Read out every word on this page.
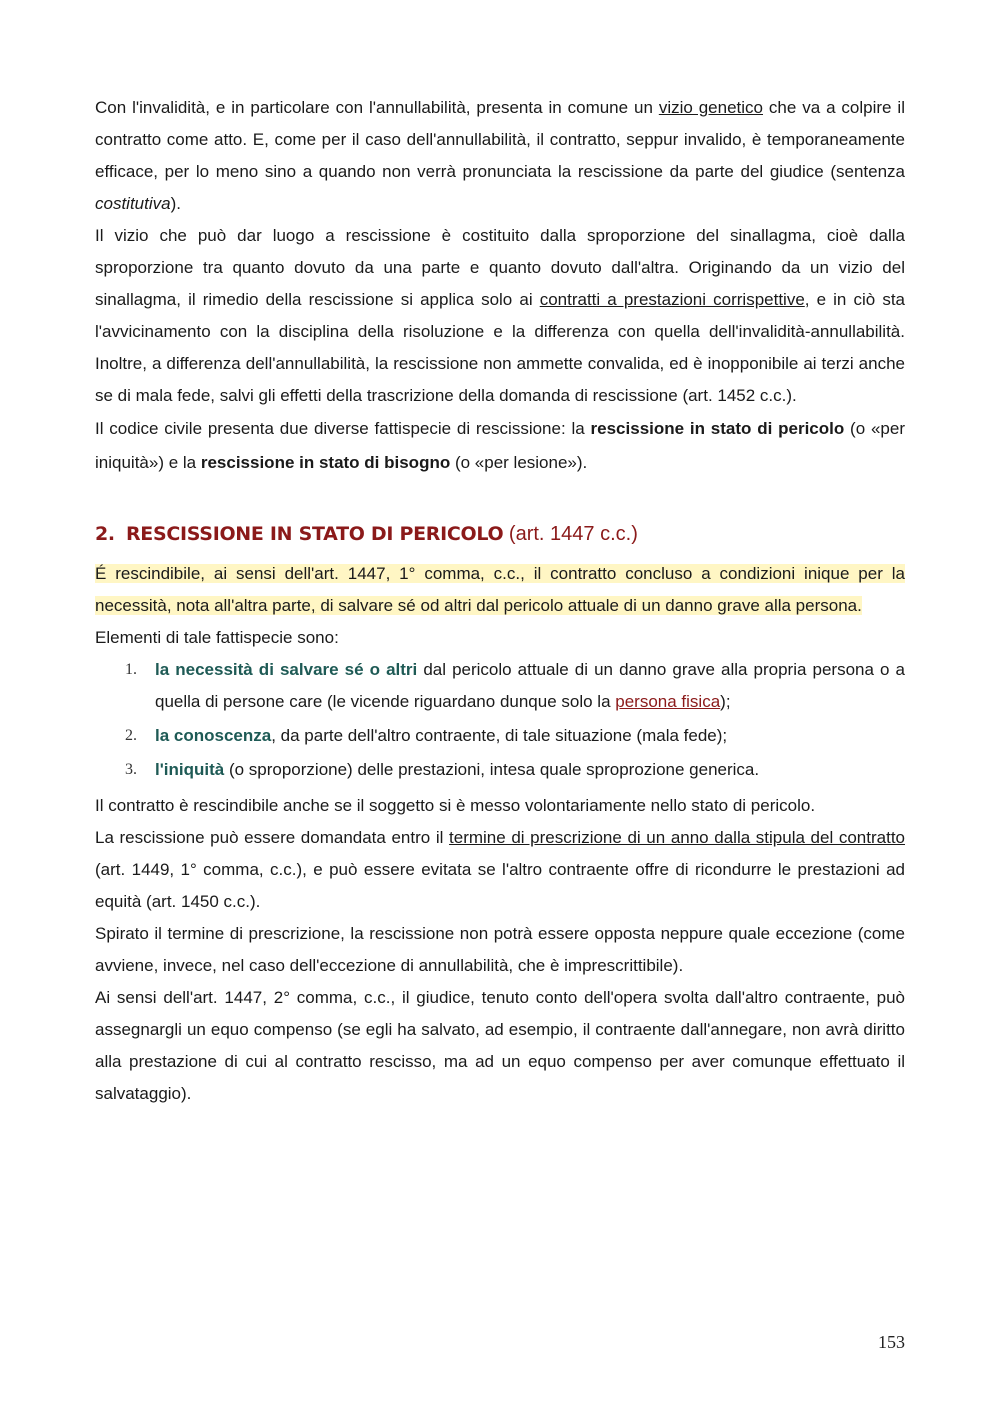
Con l'invalidità, e in particolare con l'annullabilità, presenta in comune un vizio genetico che va a colpire il contratto come atto. E, come per il caso dell'annullabilità, il contratto, seppur invalido, è temporaneamente efficace, per lo meno sino a quando non verrà pronunciata la rescissione da parte del giudice (sentenza costitutiva).

Il vizio che può dar luogo a rescissione è costituito dalla sproporzione del sinallagma, cioè dalla sproporzione tra quanto dovuto da una parte e quanto dovuto dall'altra. Originando da un vizio del sinallagma, il rimedio della rescissione si applica solo ai contratti a prestazioni corrispettive, e in ciò sta l'avvicinamento con la disciplina della risoluzione e la differenza con quella dell'invalidità-annullabilità. Inoltre, a differenza dell'annullabilità, la rescissione non ammette convalida, ed è inopponibile ai terzi anche se di mala fede, salvi gli effetti della trascrizione della domanda di rescissione (art. 1452 c.c.).

Il codice civile presenta due diverse fattispecie di rescissione: la rescissione in stato di pericolo (o «per iniquità») e la rescissione in stato di bisogno (o «per lesione»).

2. RESCISSIONE IN STATO DI PERICOLO (art. 1447 c.c.)

É rescindibile, ai sensi dell'art. 1447, 1° comma, c.c., il contratto concluso a condizioni inique per la necessità, nota all'altra parte, di salvare sé od altri dal pericolo attuale di un danno grave alla persona.

Elementi di tale fattispecie sono:

1. la necessità di salvare sé o altri dal pericolo attuale di un danno grave alla propria persona o a quella di persone care (le vicende riguardano dunque solo la persona fisica);
2. la conoscenza, da parte dell'altro contraente, di tale situazione (mala fede);
3. l'iniquità (o sproporzione) delle prestazioni, intesa quale sproprozione generica.

Il contratto è rescindibile anche se il soggetto si è messo volontariamente nello stato di pericolo.

La rescissione può essere domandata entro il termine di prescrizione di un anno dalla stipula del contratto (art. 1449, 1° comma, c.c.), e può essere evitata se l'altro contraente offre di ricondurre le prestazioni ad equità (art. 1450 c.c.).

Spirato il termine di prescrizione, la rescissione non potrà essere opposta neppure quale eccezione (come avviene, invece, nel caso dell'eccezione di annullabilità, che è imprescrittibile).

Ai sensi dell'art. 1447, 2° comma, c.c., il giudice, tenuto conto dell'opera svolta dall'altro contraente, può assegnargli un equo compenso (se egli ha salvato, ad esempio, il contraente dall'annegare, non avrà diritto alla prestazione di cui al contratto rescisso, ma ad un equo compenso per aver comunque effettuato il salvataggio).

153
